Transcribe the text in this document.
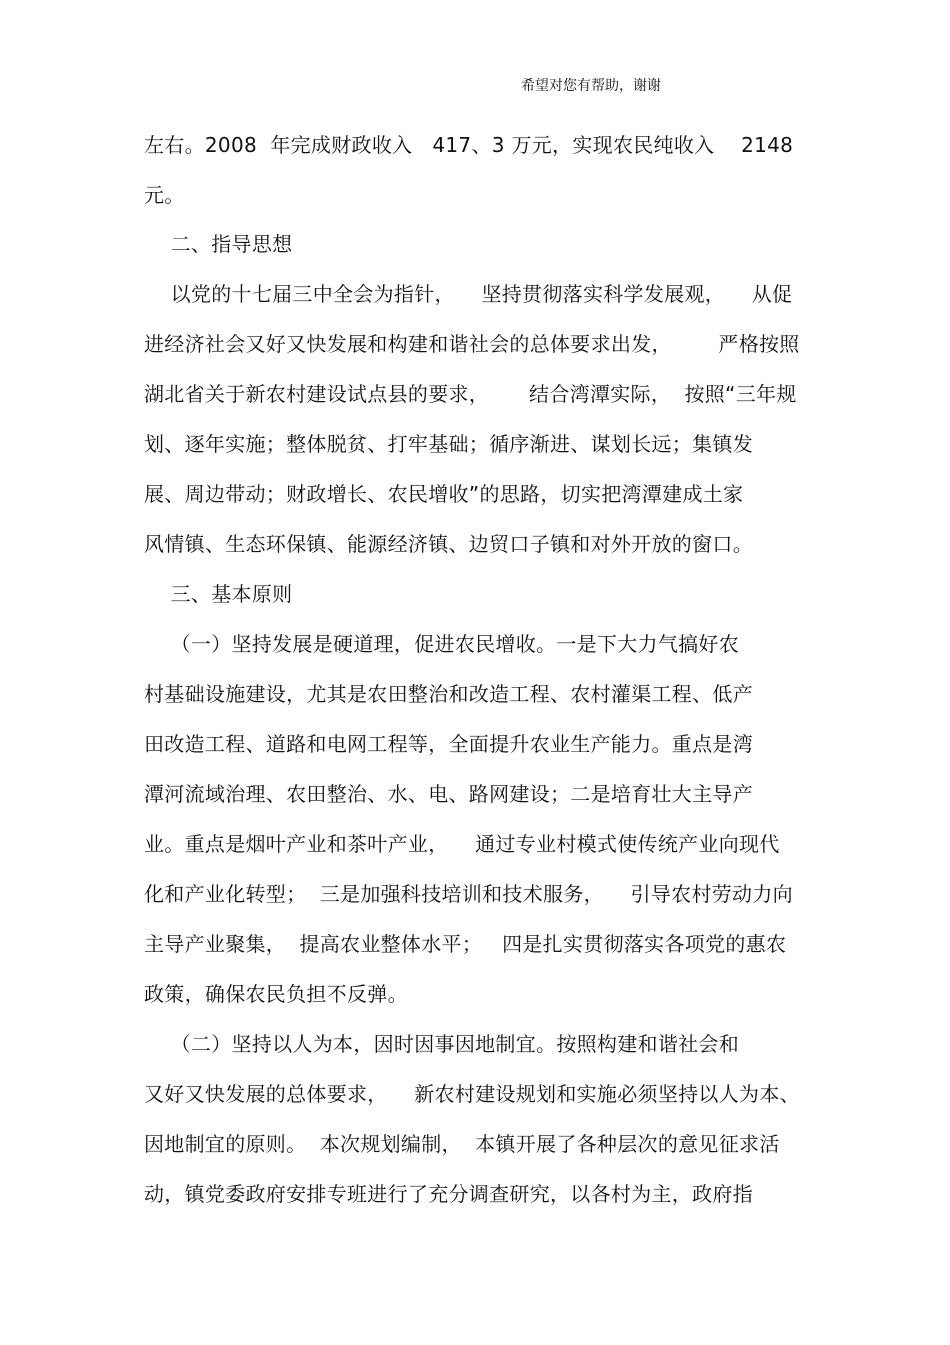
希望对您有帮助，谢谢
左右。2008  年完成财政收入   417、3 万元，实现农民纯收入    2148
元。
二、指导思想
以党的十七届三中全会为指针，    坚持贯彻落实科学发展观，    从促
进经济社会又好又快发展和构建和谐社会的总体要求出发，       严格按照
湖北省关于新农村建设试点县的要求，      结合湾潭实际，  按照“三年规
划、逐年实施；整体脱贫、打牢基础；循序渐进、谋划长远；集镇发
展、周边带动；财政增长、农民增收”的思路，切实把湾潭建成土家
风情镇、生态环保镇、能源经济镇、边贸口子镇和对外开放的窗口。
三、基本原则
（一）坚持发展是硬道理，促进农民增收。一是下大力气搞好农
村基础设施建设，尤其是农田整治和改造工程、农村灌渠工程、低产
田改造工程、道路和电网工程等，全面提升农业生产能力。重点是湾
潭河流域治理、农田整治、水、电、路网建设；二是培育壮大主导产
业。重点是烟叶产业和茶叶产业，    通过专业村模式使传统产业向现代
化和产业化转型；  三是加强科技培训和技术服务，    引导农村劳动力向
主导产业聚集，  提高农业整体水平；   四是扎实贯彻落实各项党的惠农
政策，确保农民负担不反弹。
（二）坚持以人为本，因时因事因地制宜。按照构建和谐社会和
又好又快发展的总体要求，    新农村建设规划和实施必须坚持以人为本、
因地制宜的原则。  本次规划编制，  本镇开展了各种层次的意见征求活
动，镇党委政府安排专班进行了充分调查研究，以各村为主，政府指
